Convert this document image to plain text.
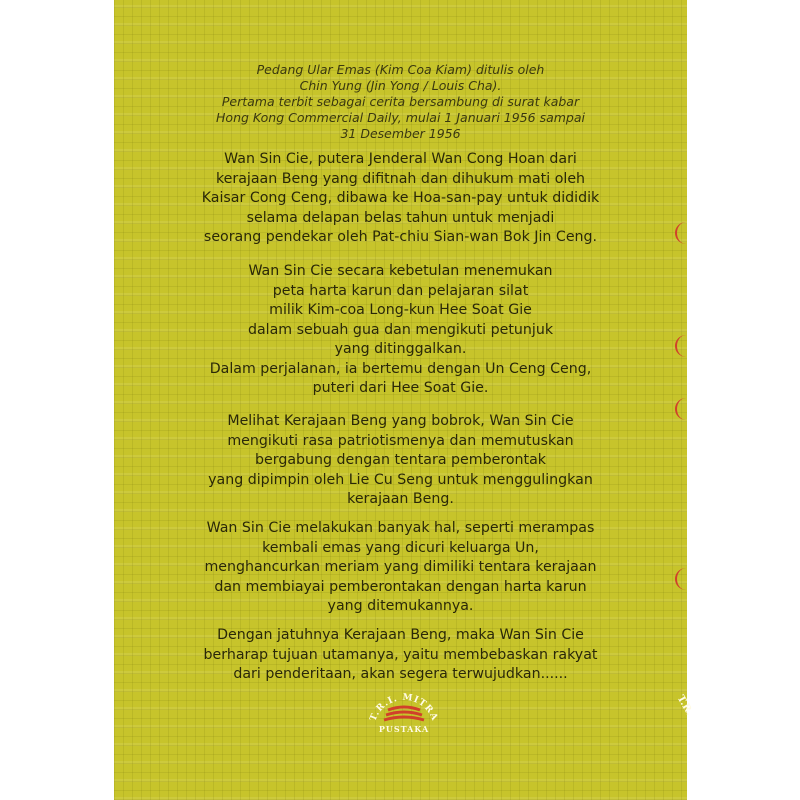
Pedang Ular Emas (Kim Coa Kiam) ditulis oleh
Chin Yung (Jin Yong / Louis Cha).
Pertama terbit sebagai cerita bersambung di surat kabar
Hong Kong Commercial Daily, mulai 1 Januari 1956 sampai
31 Desember 1956
Wan Sin Cie, putera Jenderal Wan Cong Hoan dari
kerajaan Beng yang difitnah dan dihukum mati oleh
Kaisar Cong Ceng, dibawa ke Hoa-san-pay untuk dididik
selama delapan belas tahun untuk menjadi
seorang pendekar oleh Pat-chiu Sian-wan Bok Jin Ceng.
Wan Sin Cie secara kebetulan menemukan
peta harta karun dan pelajaran silat
milik Kim-coa Long-kun Hee Soat Gie
dalam sebuah gua dan mengikuti petunjuk
yang ditinggalkan.
Dalam perjalanan, ia bertemu dengan Un Ceng Ceng,
puteri dari Hee Soat Gie.
Melihat Kerajaan Beng yang bobrok, Wan Sin Cie
mengikuti rasa patriotismenya dan memutuskan
bergabung dengan tentara pemberontak
yang dipimpin oleh Lie Cu Seng untuk menggulingkan
kerajaan Beng.
Wan Sin Cie melakukan banyak hal, seperti merampas
kembali emas yang dicuri keluarga Un,
menghancurkan meriam yang dimiliki tentara kerajaan
dan membiayai pemberontakan dengan harta karun
yang ditemukannya.
Dengan jatuhnya Kerajaan Beng, maka Wan Sin Cie
berharap tujuan utamanya, yaitu membebaskan rakyat
dari penderitaan, akan segera terwujudkan......
T.R.I. MITRA
PUSTAKA
T.R.
